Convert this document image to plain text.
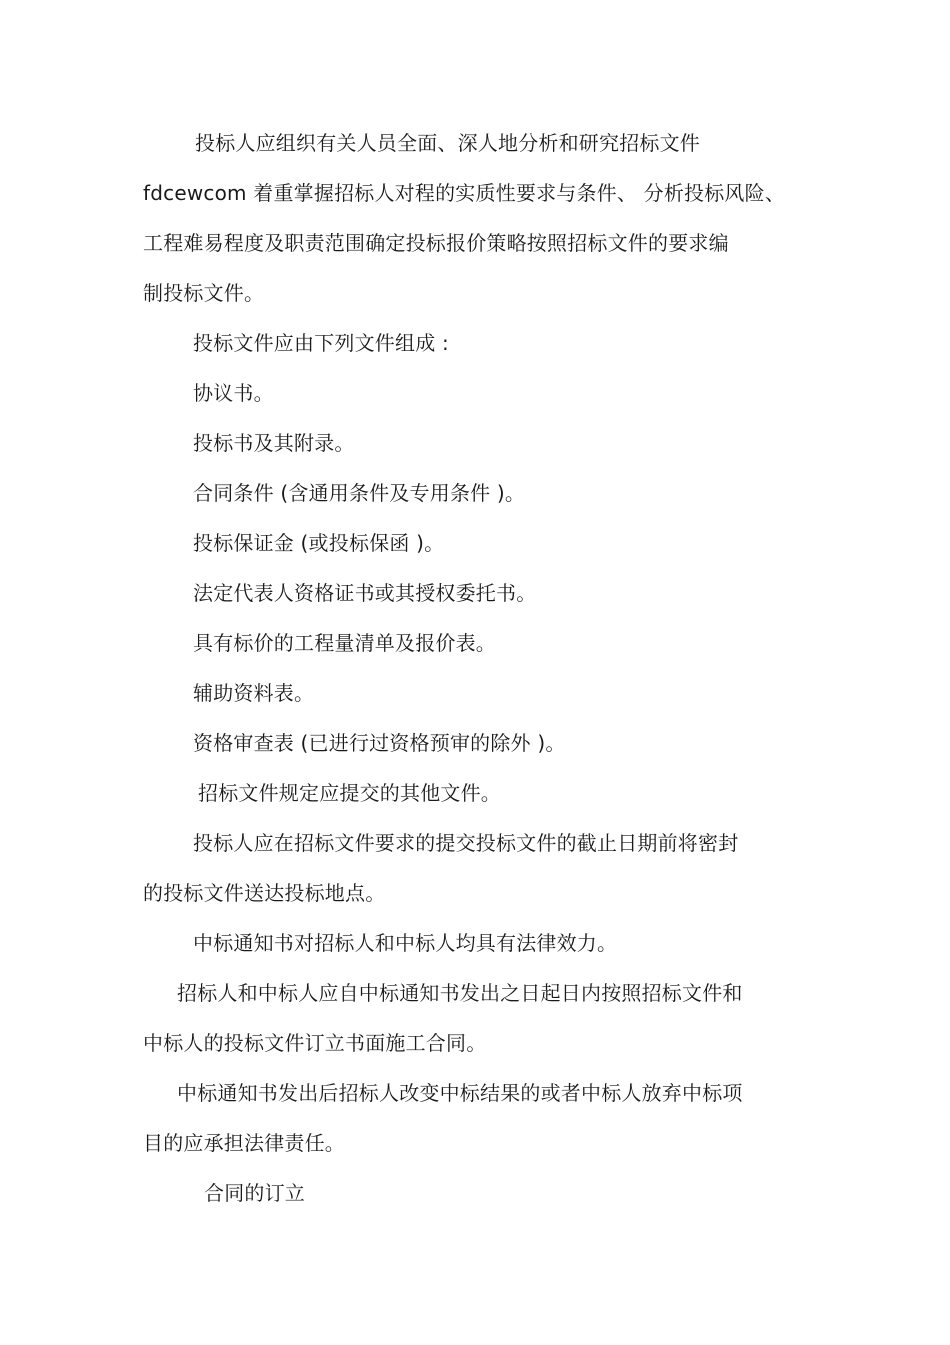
投标人应组织有关人员全面、深人地分析和研究招标文件
fdcewcom 着重掌握招标人对程的实质性要求与条件、 分析投标风险、
工程难易程度及职责范围确定投标报价策略按照招标文件的要求编
制投标文件。
投标文件应由下列文件组成 :
协议书。
投标书及其附录。
合同条件 (含通用条件及专用条件 )。
投标保证金 (或投标保函 )。
法定代表人资格证书或其授权委托书。
具有标价的工程量清单及报价表。
辅助资料表。
资格审查表 (已进行过资格预审的除外 )。
招标文件规定应提交的其他文件。
投标人应在招标文件要求的提交投标文件的截止日期前将密封
的投标文件送达投标地点。
中标通知书对招标人和中标人均具有法律效力。
招标人和中标人应自中标通知书发出之日起日内按照招标文件和
中标人的投标文件订立书面施工合同。
中标通知书发出后招标人改变中标结果的或者中标人放弃中标项
目的应承担法律责任。
合同的订立
